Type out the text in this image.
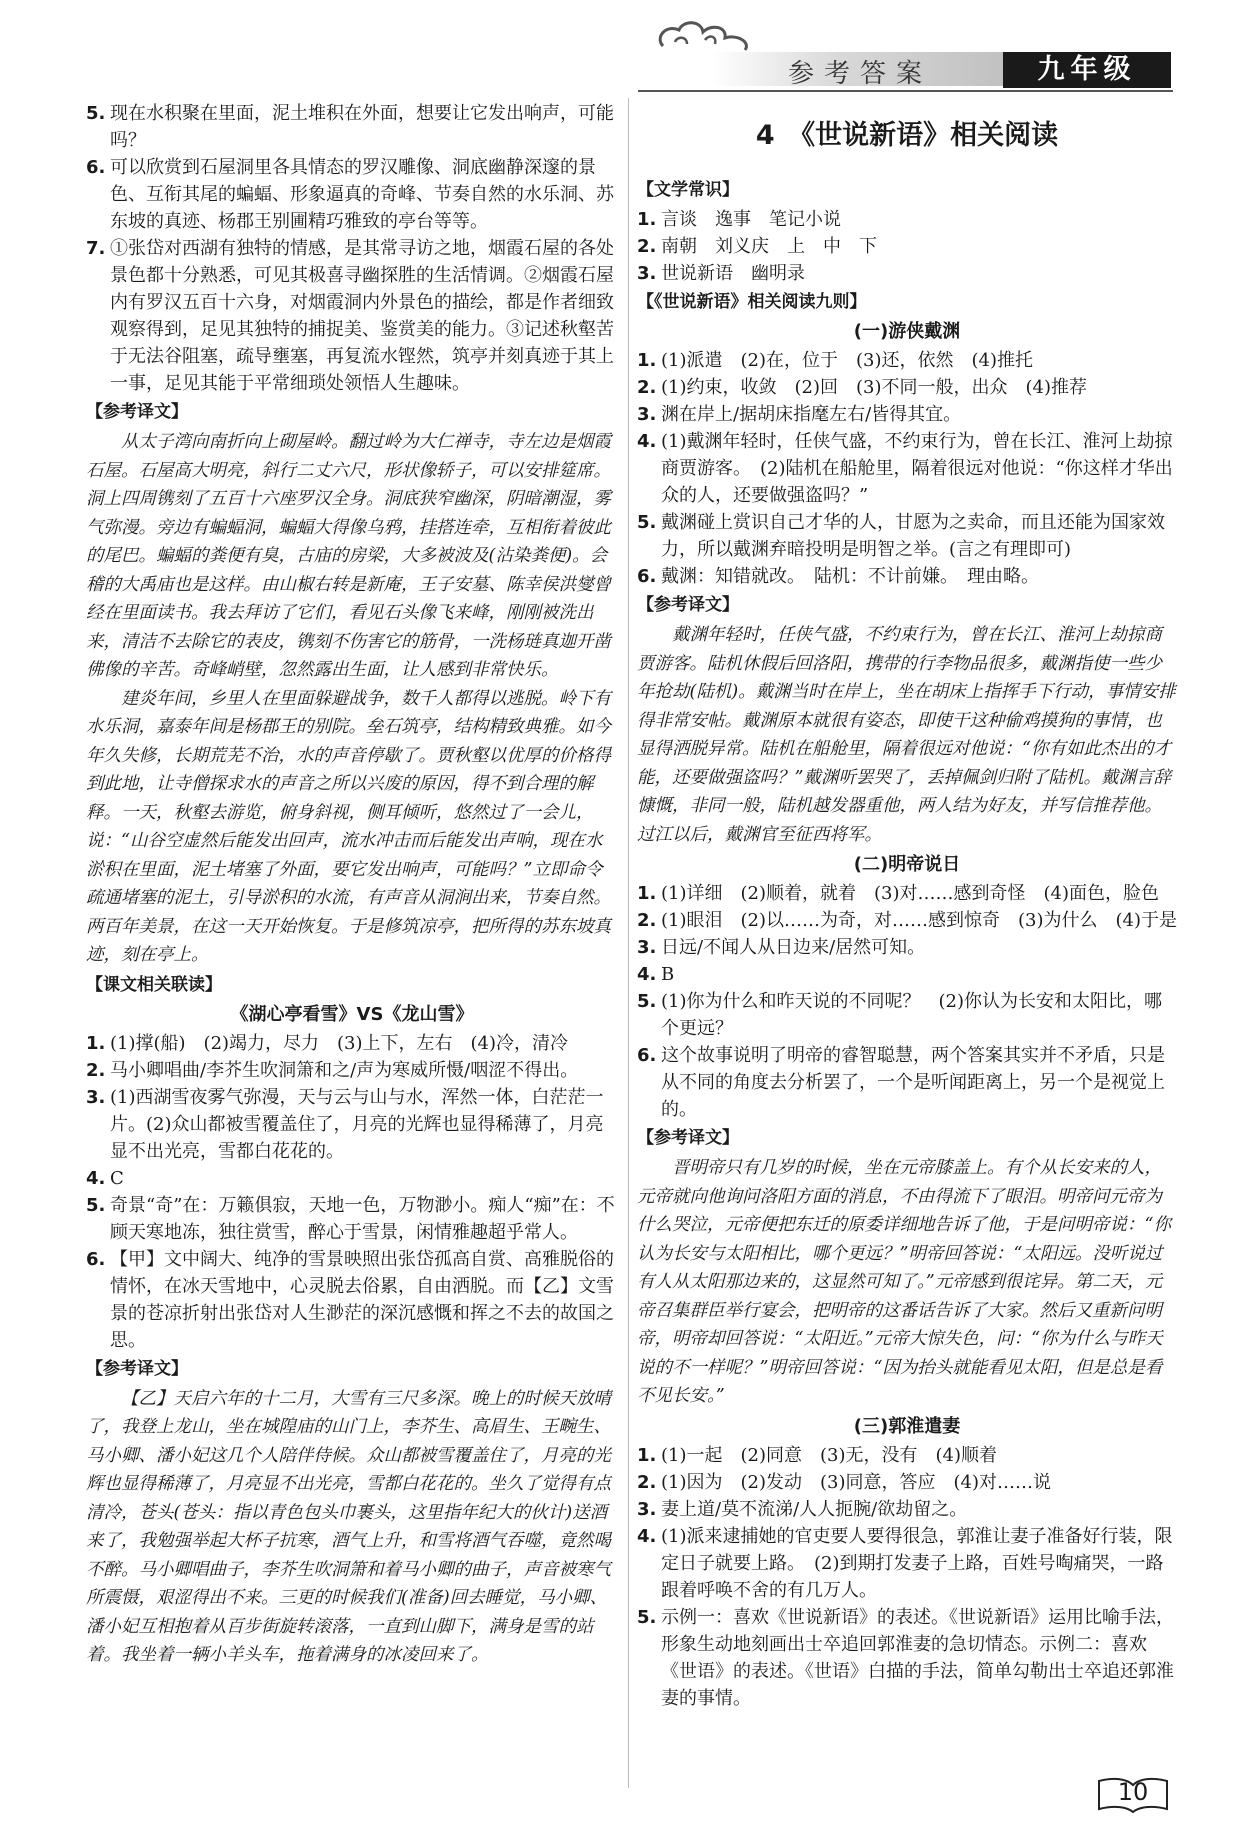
参考答案	九年级

5. 现在水积聚在里面，泥土堆积在外面，想要让它发出响声，可能吗？

6. 可以欣赏到石屋洞里各具情态的罗汉雕像、洞底幽静深邃的景色、互衔其尾的蝙蝠、形象逼真的奇峰、节奏自然的水乐洞、苏东坡的真迹、杨郡王别圃精巧雅致的亭台等等。

7. ①张岱对西湖有独特的情感，是其常寻访之地，烟霞石屋的各处景色都十分熟悉，可见其极喜寻幽探胜的生活情调。②烟霞石屋内有罗汉五百十六身，对烟霞洞内外景色的描绘，都是作者细致观察得到，足见其独特的捕捉美、鉴赏美的能力。③记述秋壑苦于无法谷阻塞，疏导壅塞，再复流水铿然，筑亭并刻真迹于其上一事，足见其能于平常细琐处领悟人生趣味。

【参考译文】

从太子湾向南折向上砌屋岭。翻过岭为大仁禅寺，寺左边是烟霞石屋。石屋高大明亮，斜行二丈六尺，形状像轿子，可以安排筵席。洞上四周镌刻了五百十六座罗汉全身。洞底狭窄幽深，阴暗潮湿，雾气弥漫。旁边有蝙蝠洞，蝙蝠大得像乌鸦，挂搭连牵，互相衔着彼此的尾巴。蝙蝠的粪便有臭，古庙的房梁，大多被波及(沾染粪便)。会稽的大禹庙也是这样。由山椒右转是新庵，王子安墓、陈幸侯洪燮曾经在里面读书。我去拜访了它们，看见石头像飞来峰，刚刚被洗出来，清洁不去除它的表皮，镌刻不伤害它的筋骨，一洗杨琏真迦开凿佛像的辛苦。奇峰峭壁，忽然露出生面，让人感到非常快乐。

建炎年间，乡里人在里面躲避战争，数千人都得以逃脱。岭下有水乐洞，嘉泰年间是杨郡王的别院。垒石筑亭，结构精致典雅。如今年久失修，长期荒芜不治，水的声音停歇了。贾秋壑以优厚的价格得到此地，让寺僧探求水的声音之所以兴废的原因，得不到合理的解释。一天，秋壑去游览，俯身斜视，侧耳倾听，悠然过了一会儿，说：“山谷空虚然后能发出回声，流水冲击而后能发出声响，现在水淤积在里面，泥土堵塞了外面，要它发出响声，可能吗？”立即命令疏通堵塞的泥土，引导淤积的水流，有声音从洞涧出来，节奏自然。两百年美景，在这一天开始恢复。于是修筑凉亭，把所得的苏东坡真迹，刻在亭上。

【课文相关联读】
《湖心亭看雪》VS《龙山雪》

1. (1)撑(船)　(2)竭力，尽力　(3)上下，左右　(4)冷，清冷

2. 马小卿唱曲/李芥生吹洞箫和之/声为寒威所慑/咽涩不得出。

3. (1)西湖雪夜雾气弥漫，天与云与山与水，浑然一体，白茫茫一片。(2)众山都被雪覆盖住了，月亮的光辉也显得稀薄了，月亮显不出光亮，雪都白花花的。

4. C

5. 奇景“奇”在：万籁俱寂，天地一色，万物渺小。痴人“痴”在：不顾天寒地冻，独往赏雪，醉心于雪景，闲情雅趣超乎常人。

6. 【甲】文中阔大、纯净的雪景映照出张岱孤高自赏、高雅脱俗的情怀，在冰天雪地中，心灵脱去俗累，自由洒脱。而【乙】文雪景的苍凉折射出张岱对人生渺茫的深沉感慨和挥之不去的故国之思。

【参考译文】

【乙】天启六年的十二月，大雪有三尺多深。晚上的时候天放晴了，我登上龙山，坐在城隍庙的山门上，李芥生、高眉生、王畹生、马小卿、潘小妃这几个人陪伴侍候。众山都被雪覆盖住了，月亮的光辉也显得稀薄了，月亮显不出光亮，雪都白花花的。坐久了觉得有点清冷，苍头(苍头：指以青色包头巾裹头，这里指年纪大的伙计)送酒来了，我勉强举起大杯子抗寒，酒气上升，和雪将酒气吞噬，竟然喝不醉。马小卿唱曲子，李芥生吹洞箫和着马小卿的曲子，声音被寒气所震慑，艰涩得出不来。三更的时候我们(准备)回去睡觉，马小卿、潘小妃互相抱着从百步街旋转滚落，一直到山脚下，满身是雪的站着。我坐着一辆小羊头车，拖着满身的冰凌回来了。

4　《世说新语》相关阅读
【文学常识】

1. 言谈　逸事　笔记小说

2. 南朝　刘义庆　上　中　下

3. 世说新语　幽明录

【《世说新语》相关阅读九则】
(一)游侠戴渊

1. (1)派遣　(2)在，位于　(3)还，依然　(4)推托

2. (1)约束，收敛　(2)回　(3)不同一般，出众　(4)推荐

3. 渊在岸上/据胡床指麾左右/皆得其宜。

4. (1)戴渊年轻时，任侠气盛，不约束行为，曾在长江、淮河上劫掠商贾游客。　(2)陆机在船舱里，隔着很远对他说：“你这样才华出众的人，还要做强盗吗？”

5. 戴渊碰上赏识自己才华的人，甘愿为之卖命，而且还能为国家效力，所以戴渊弃暗投明是明智之举。(言之有理即可)

6. 戴渊：知错就改。　陆机：不计前嫌。　理由略。

【参考译文】

戴渊年轻时，任侠气盛，不约束行为，曾在长江、淮河上劫掠商贾游客。陆机休假后回洛阳，携带的行李物品很多，戴渊指使一些少年抢劫(陆机)。戴渊当时在岸上，坐在胡床上指挥手下行动，事情安排得非常安帖。戴渊原本就很有姿态，即使干这种偷鸡摸狗的事情，也显得洒脱异常。陆机在船舱里，隔着很远对他说：“你有如此杰出的才能，还要做强盗吗？”戴渊听罢哭了，丢掉佩剑归附了陆机。戴渊言辞慷慨，非同一般，陆机越发器重他，两人结为好友，并写信推荐他。过江以后，戴渊官至征西将军。

(二)明帝说日

1. (1)详细　(2)顺着，就着　(3)对……感到奇怪　(4)面色，脸色

2. (1)眼泪　(2)以……为奇，对……感到惊奇　(3)为什么　(4)于是

3. 日远/不闻人从日边来/居然可知。

4. B

5. (1)你为什么和昨天说的不同呢？　(2)你认为长安和太阳比，哪个更远？

6. 这个故事说明了明帝的睿智聪慧，两个答案其实并不矛盾，只是从不同的角度去分析罢了，一个是听闻距离上，另一个是视觉上的。

【参考译文】

晋明帝只有几岁的时候，坐在元帝膝盖上。有个从长安来的人，元帝就向他询问洛阳方面的消息，不由得流下了眼泪。明帝问元帝为什么哭泣，元帝便把东迁的原委详细地告诉了他，于是问明帝说：“你认为长安与太阳相比，哪个更远？”明帝回答说：“太阳远。没听说过有人从太阳那边来的，这显然可知了。”元帝感到很诧异。第二天，元帝召集群臣举行宴会，把明帝的这番话告诉了大家。然后又重新问明帝，明帝却回答说：“太阳近。”元帝大惊失色，问：“你为什么与昨天说的不一样呢？”明帝回答说：“因为抬头就能看见太阳，但是总是看不见长安。”

(三)郭淮遣妻

1. (1)一起　(2)同意　(3)无，没有　(4)顺着

2. (1)因为　(2)发动　(3)同意，答应　(4)对……说

3. 妻上道/莫不流涕/人人扼腕/欲劫留之。

4. (1)派来逮捕她的官吏要人要得很急，郭淮让妻子准备好行装，限定日子就要上路。　(2)到期打发妻子上路，百姓号啕痛哭，一路跟着呼唤不舍的有几万人。

5. 示例一：喜欢《世说新语》的表述。《世说新语》运用比喻手法，形象生动地刻画出士卒追回郭淮妻的急切情态。示例二：喜欢《世语》的表述。《世语》白描的手法，简单勾勒出士卒追还郭淮妻的事情。

10
